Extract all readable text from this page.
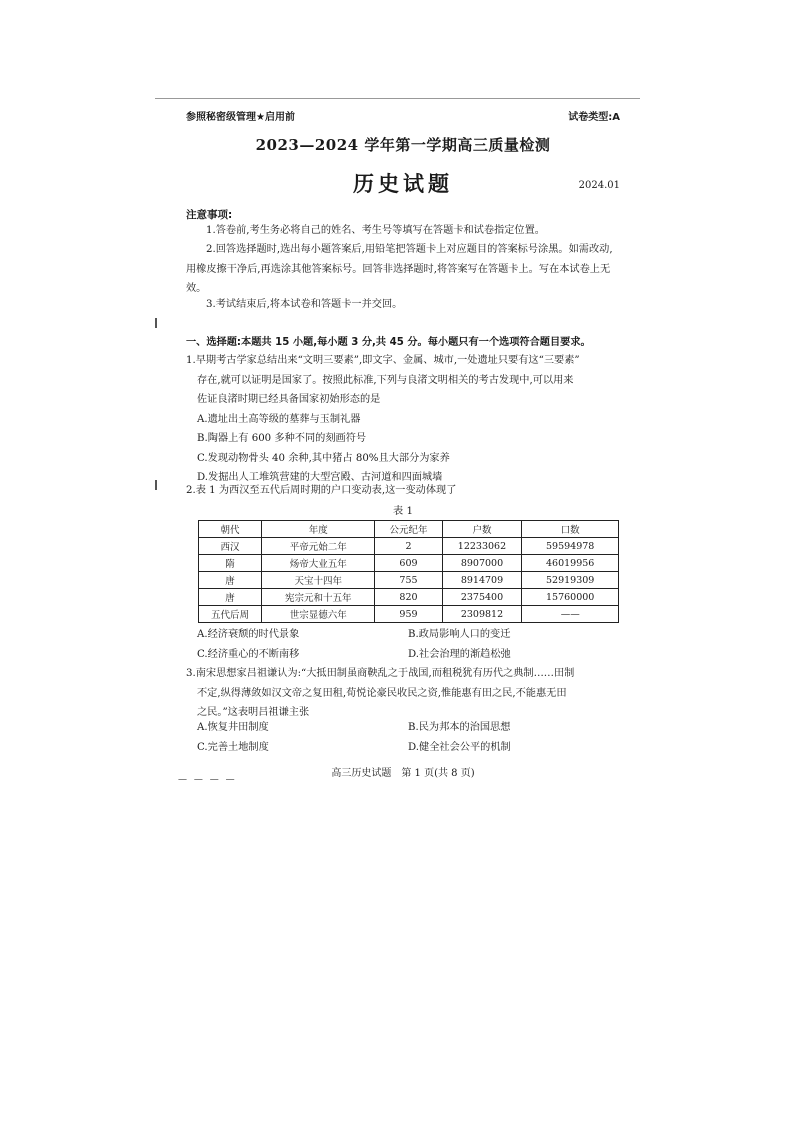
参照秘密级管理★启用前	试卷类型:A
2023—2024 学年第一学期高三质量检测
历史试题	2024.01
注意事项:
1.答卷前,考生务必将自己的姓名、考生号等填写在答题卡和试卷指定位置。
2.回答选择题时,选出每小题答案后,用铅笔把答题卡上对应题目的答案标号涂黑。如需改动,用橡皮擦干净后,再选涂其他答案标号。回答非选择题时,将答案写在答题卡上。写在本试卷上无效。
3.考试结束后,将本试卷和答题卡一并交回。
一、选择题:本题共 15 小题,每小题 3 分,共 45 分。每小题只有一个选项符合题目要求。
1.早期考古学家总结出来“文明三要素”,即文字、金属、城市,一处遗址只要有这“三要素”
存在,就可以证明是国家了。按照此标准,下列与良渚文明相关的考古发现中,可以用来
佐证良渚时期已经具备国家初始形态的是
A.遗址出土高等级的墓葬与玉制礼器
B.陶器上有 600 多种不同的刻画符号
C.发现动物骨头 40 余种,其中猪占 80%且大部分为家养
D.发掘出人工堆筑营建的大型宫殿、古河道和四面城墙
2.表 1 为西汉至五代后周时期的户口变动表,这一变动体现了
表 1
朝代	年度	公元纪年	户数	口数
西汉	平帝元始二年	2	12233062	59594978
隋	炀帝大业五年	609	8907000	46019956
唐	天宝十四年	755	8914709	52919309
唐	宪宗元和十五年	820	2375400	15760000
五代后周	世宗显德六年	959	2309812	——
A.经济衰颓的时代景象	B.政局影响人口的变迁
C.经济重心的不断南移	D.社会治理的渐趋松弛
3.南宋思想家吕祖谦认为:“大抵田制虽商鞅乱之于战国,而租税犹有历代之典制……田制
不定,纵得薄敛如汉文帝之复田租,荀悦论豪民收民之资,惟能惠有田之民,不能惠无田
之民。”这表明吕祖谦主张
A.恢复井田制度	B.民为邦本的治国思想
C.完善土地制度	D.健全社会公平的机制
高三历史试题　第 1 页(共 8 页)
— — — —
